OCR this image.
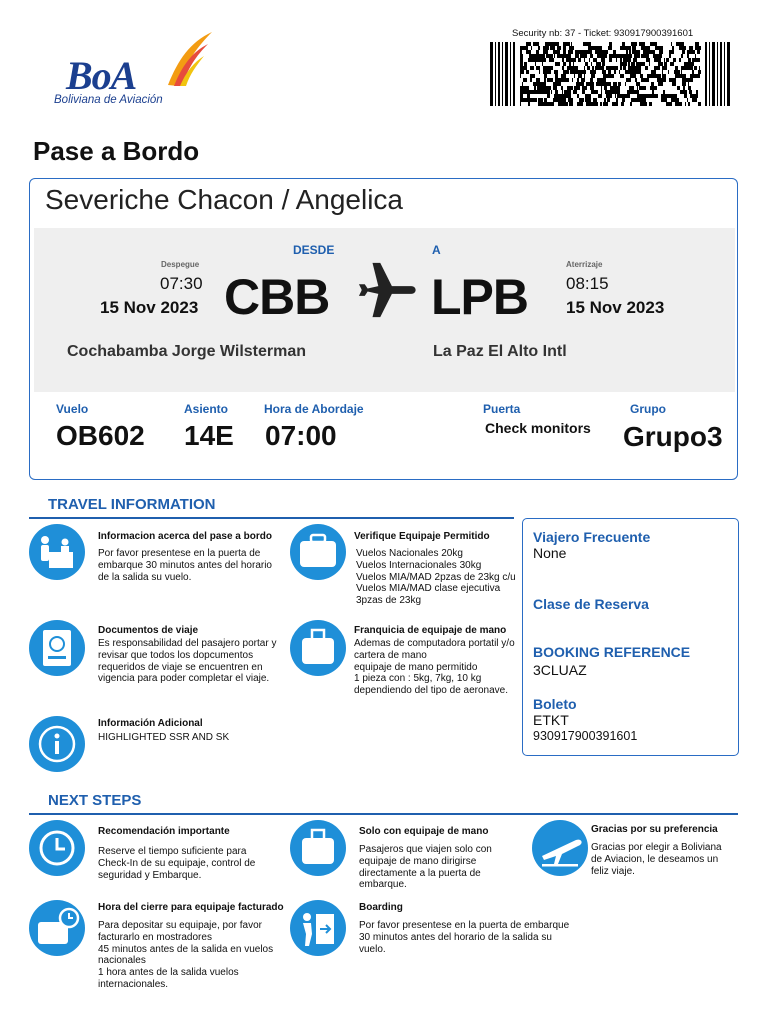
BoA
Boliviana de Aviación
Security nb: 37 - Ticket: 930917900391601
Pase a Bordo
Severiche Chacon / Angelica
DESDE	A
Despegue
07:30
15 Nov 2023 CBB LPB
Aterrizaje
08:15
15 Nov 2023
Cochabamba Jorge Wilsterman	La Paz El Alto Intl
Vuelo
OB602
Asiento
14E
Hora de Abordaje
07:00
Puerta
Check monitors
Grupo
Grupo3
TRAVEL INFORMATION
Informacion acerca del pase a bordo
Por favor presentese en la puerta de
embarque 30 minutos antes del horario
de la salida su vuelo.
Verifique Equipaje Permitido
Vuelos Nacionales 20kg
Vuelos Internacionales 30kg
Vuelos MIA/MAD 2pzas de 23kg c/u
Vuelos MIA/MAD clase ejecutiva
3pzas de 23kg
Documentos de viaje
Es responsabilidad del pasajero portar y
revisar que todos los dopcumentos
requeridos de viaje se encuentren en
vigencia para poder completar el viaje.
Franquicia de equipaje de mano
Ademas de computadora portatil y/o
cartera de mano
equipaje de mano permitido
1 pieza con : 5kg, 7kg, 10 kg
dependiendo del tipo de aeronave.
Información Adicional
HIGHLIGHTED SSR AND SK
Viajero Frecuente
None
Clase de Reserva
BOOKING REFERENCE
3CLUAZ
Boleto
ETKT
930917900391601
NEXT STEPS
Recomendación importante
Reserve el tiempo suficiente para
Check-In de su equipaje, control de
seguridad y Embarque.
Solo con equipaje de mano
Pasajeros que viajen solo con
equipaje de mano dirigirse
directamente a la puerta de
embarque.
Gracias por su preferencia
Gracias por elegir a Boliviana
de Aviacion, le deseamos un
feliz viaje.
Hora del cierre para equipaje facturado
Para depositar su equipaje, por favor
facturarlo en mostradores
45 minutos antes de la salida en vuelos
nacionales
1 hora antes de la salida vuelos
internacionales.
Boarding
Por favor presentese en la puerta de embarque
30 minutos antes del horario de la salida su
vuelo.
